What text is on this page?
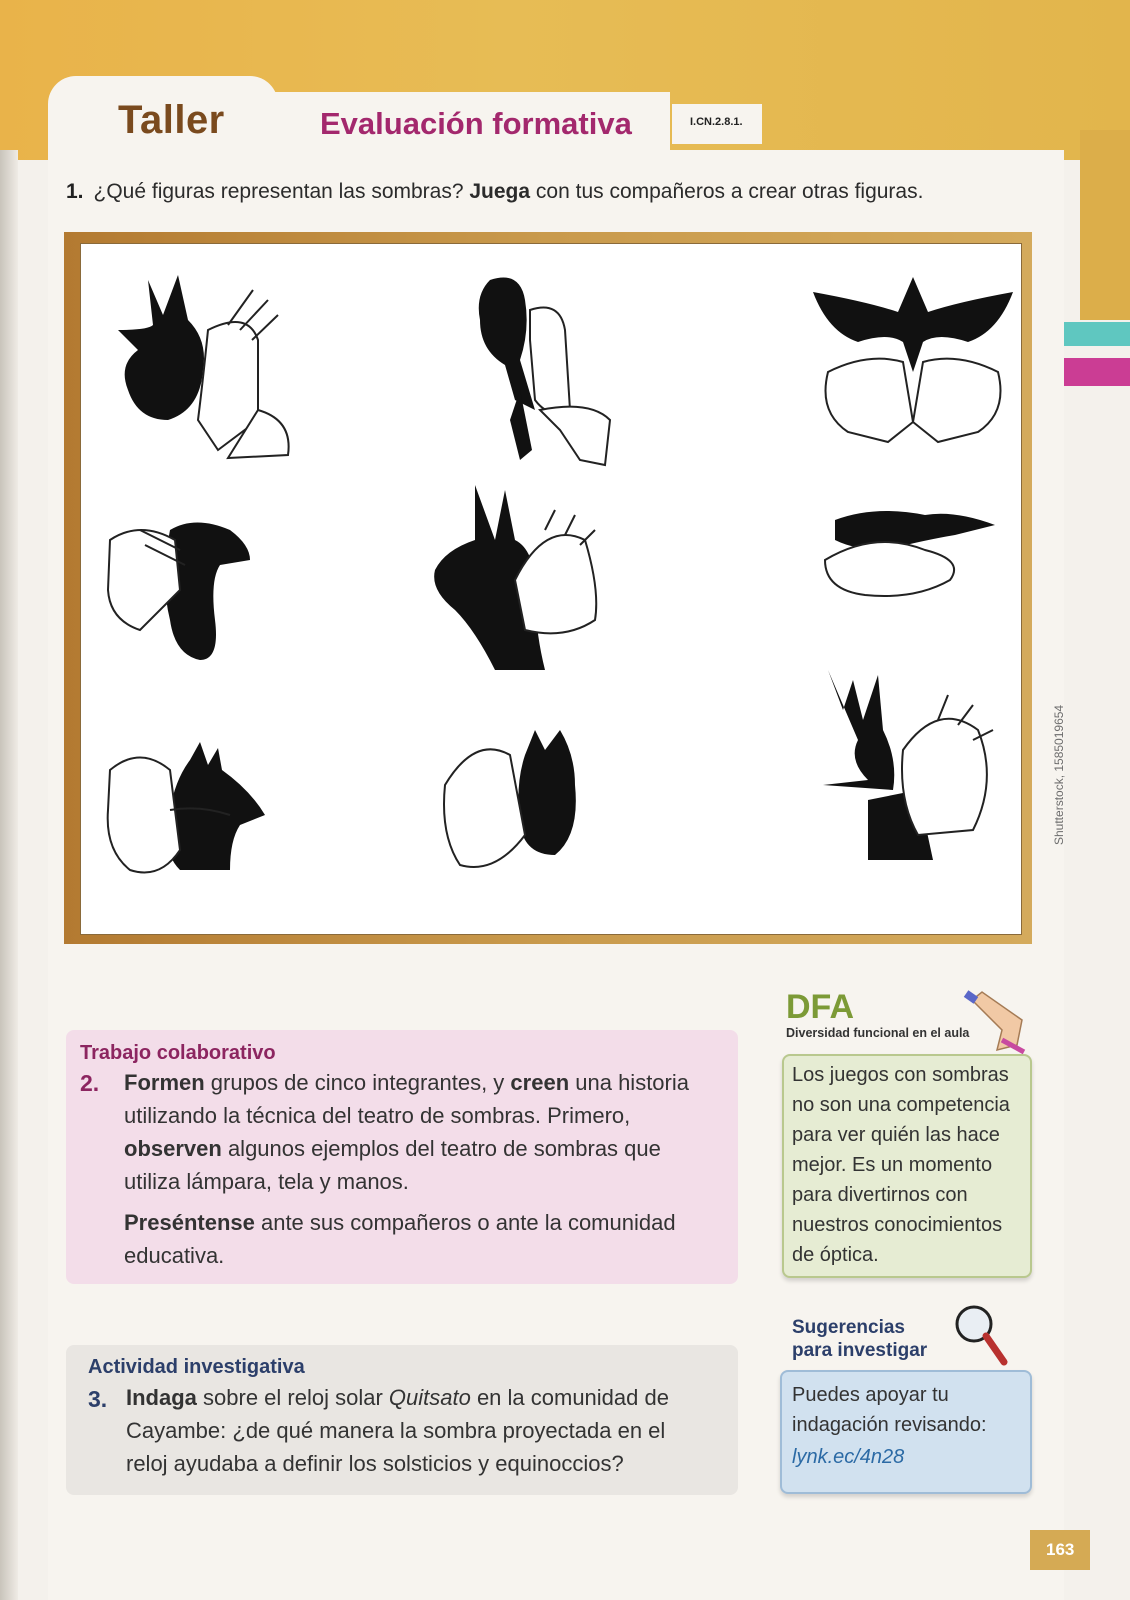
Taller	Evaluación formativa	I.CN.2.8.1.
1. ¿Qué figuras representan las sombras? Juega con tus compañeros a crear otras figuras.
Shutterstock, 1585019654
Trabajo colaborativo
2. Formen grupos de cinco integrantes, y creen una historia
utilizando la técnica del teatro de sombras. Primero,
observen algunos ejemplos del teatro de sombras que
utiliza lámpara, tela y manos.
Preséntense ante sus compañeros o ante la comunidad
educativa.
Actividad investigativa
3. Indaga sobre el reloj solar Quitsato en la comunidad de
Cayambe: ¿de qué manera la sombra proyectada en el
reloj ayudaba a definir los solsticios y equinoccios?
DFA
Diversidad funcional en el aula
Los juegos con sombras no son una competencia para ver quién las hace mejor. Es un momento para divertirnos con nuestros conocimientos de óptica.
Sugerencias
para investigar
Puedes apoyar tu indagación revisando:
lynk.ec/4n28
163
